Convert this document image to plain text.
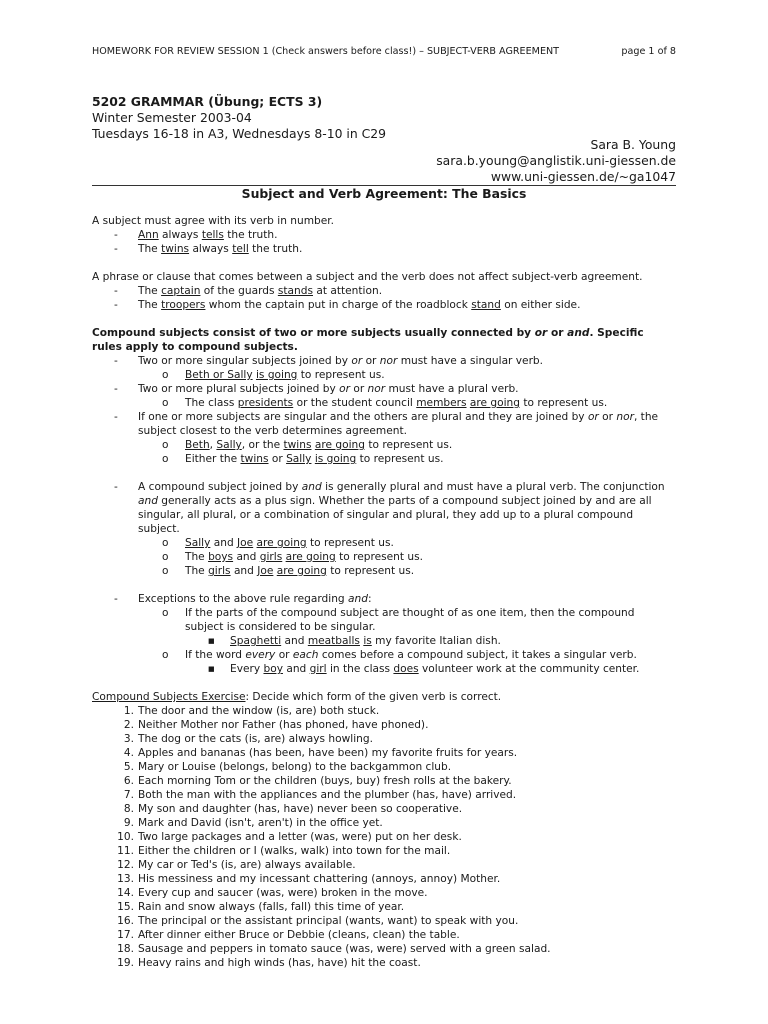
HOMEWORK FOR REVIEW SESSION 1 (Check answers before class!) – SUBJECT-VERB AGREEMENT	page 1 of 8
5202 GRAMMAR (Übung; ECTS 3)
Winter Semester 2003-04
Tuesdays 16-18 in A3, Wednesdays 8-10 in C29
Sara B. Young
sara.b.young@anglistik.uni-giessen.de
www.uni-giessen.de/~ga1047
Subject and Verb Agreement: The Basics
A subject must agree with its verb in number.
- Ann always tells the truth.
- The twins always tell the truth.
A phrase or clause that comes between a subject and the verb does not affect subject-verb agreement.
- The captain of the guards stands at attention.
- The troopers whom the captain put in charge of the roadblock stand on either side.
Compound subjects consist of two or more subjects usually connected by or or and. Specific rules apply to compound subjects.
- Two or more singular subjects joined by or or nor must have a singular verb.
o Beth or Sally is going to represent us.
- Two or more plural subjects joined by or or nor must have a plural verb.
o The class presidents or the student council members are going to represent us.
- If one or more subjects are singular and the others are plural and they are joined by or or nor, the subject closest to the verb determines agreement.
o Beth, Sally, or the twins are going to represent us.
o Either the twins or Sally is going to represent us.
- A compound subject joined by and is generally plural and must have a plural verb. The conjunction and generally acts as a plus sign. Whether the parts of a compound subject joined by and are all singular, all plural, or a combination of singular and plural, they add up to a plural compound subject.
o Sally and Joe are going to represent us.
o The boys and girls are going to represent us.
o The girls and Joe are going to represent us.
- Exceptions to the above rule regarding and:
o If the parts of the compound subject are thought of as one item, then the compound subject is considered to be singular.
■ Spaghetti and meatballs is my favorite Italian dish.
o If the word every or each comes before a compound subject, it takes a singular verb.
■ Every boy and girl in the class does volunteer work at the community center.
Compound Subjects Exercise: Decide which form of the given verb is correct.
1. The door and the window (is, are) both stuck.
2. Neither Mother nor Father (has phoned, have phoned).
3. The dog or the cats (is, are) always howling.
4. Apples and bananas (has been, have been) my favorite fruits for years.
5. Mary or Louise (belongs, belong) to the backgammon club.
6. Each morning Tom or the children (buys, buy) fresh rolls at the bakery.
7. Both the man with the appliances and the plumber (has, have) arrived.
8. My son and daughter (has, have) never been so cooperative.
9. Mark and David (isn't, aren't) in the office yet.
10. Two large packages and a letter (was, were) put on her desk.
11. Either the children or I (walks, walk) into town for the mail.
12. My car or Ted's (is, are) always available.
13. His messiness and my incessant chattering (annoys, annoy) Mother.
14. Every cup and saucer (was, were) broken in the move.
15. Rain and snow always (falls, fall) this time of year.
16. The principal or the assistant principal (wants, want) to speak with you.
17. After dinner either Bruce or Debbie (cleans, clean) the table.
18. Sausage and peppers in tomato sauce (was, were) served with a green salad.
19. Heavy rains and high winds (has, have) hit the coast.
